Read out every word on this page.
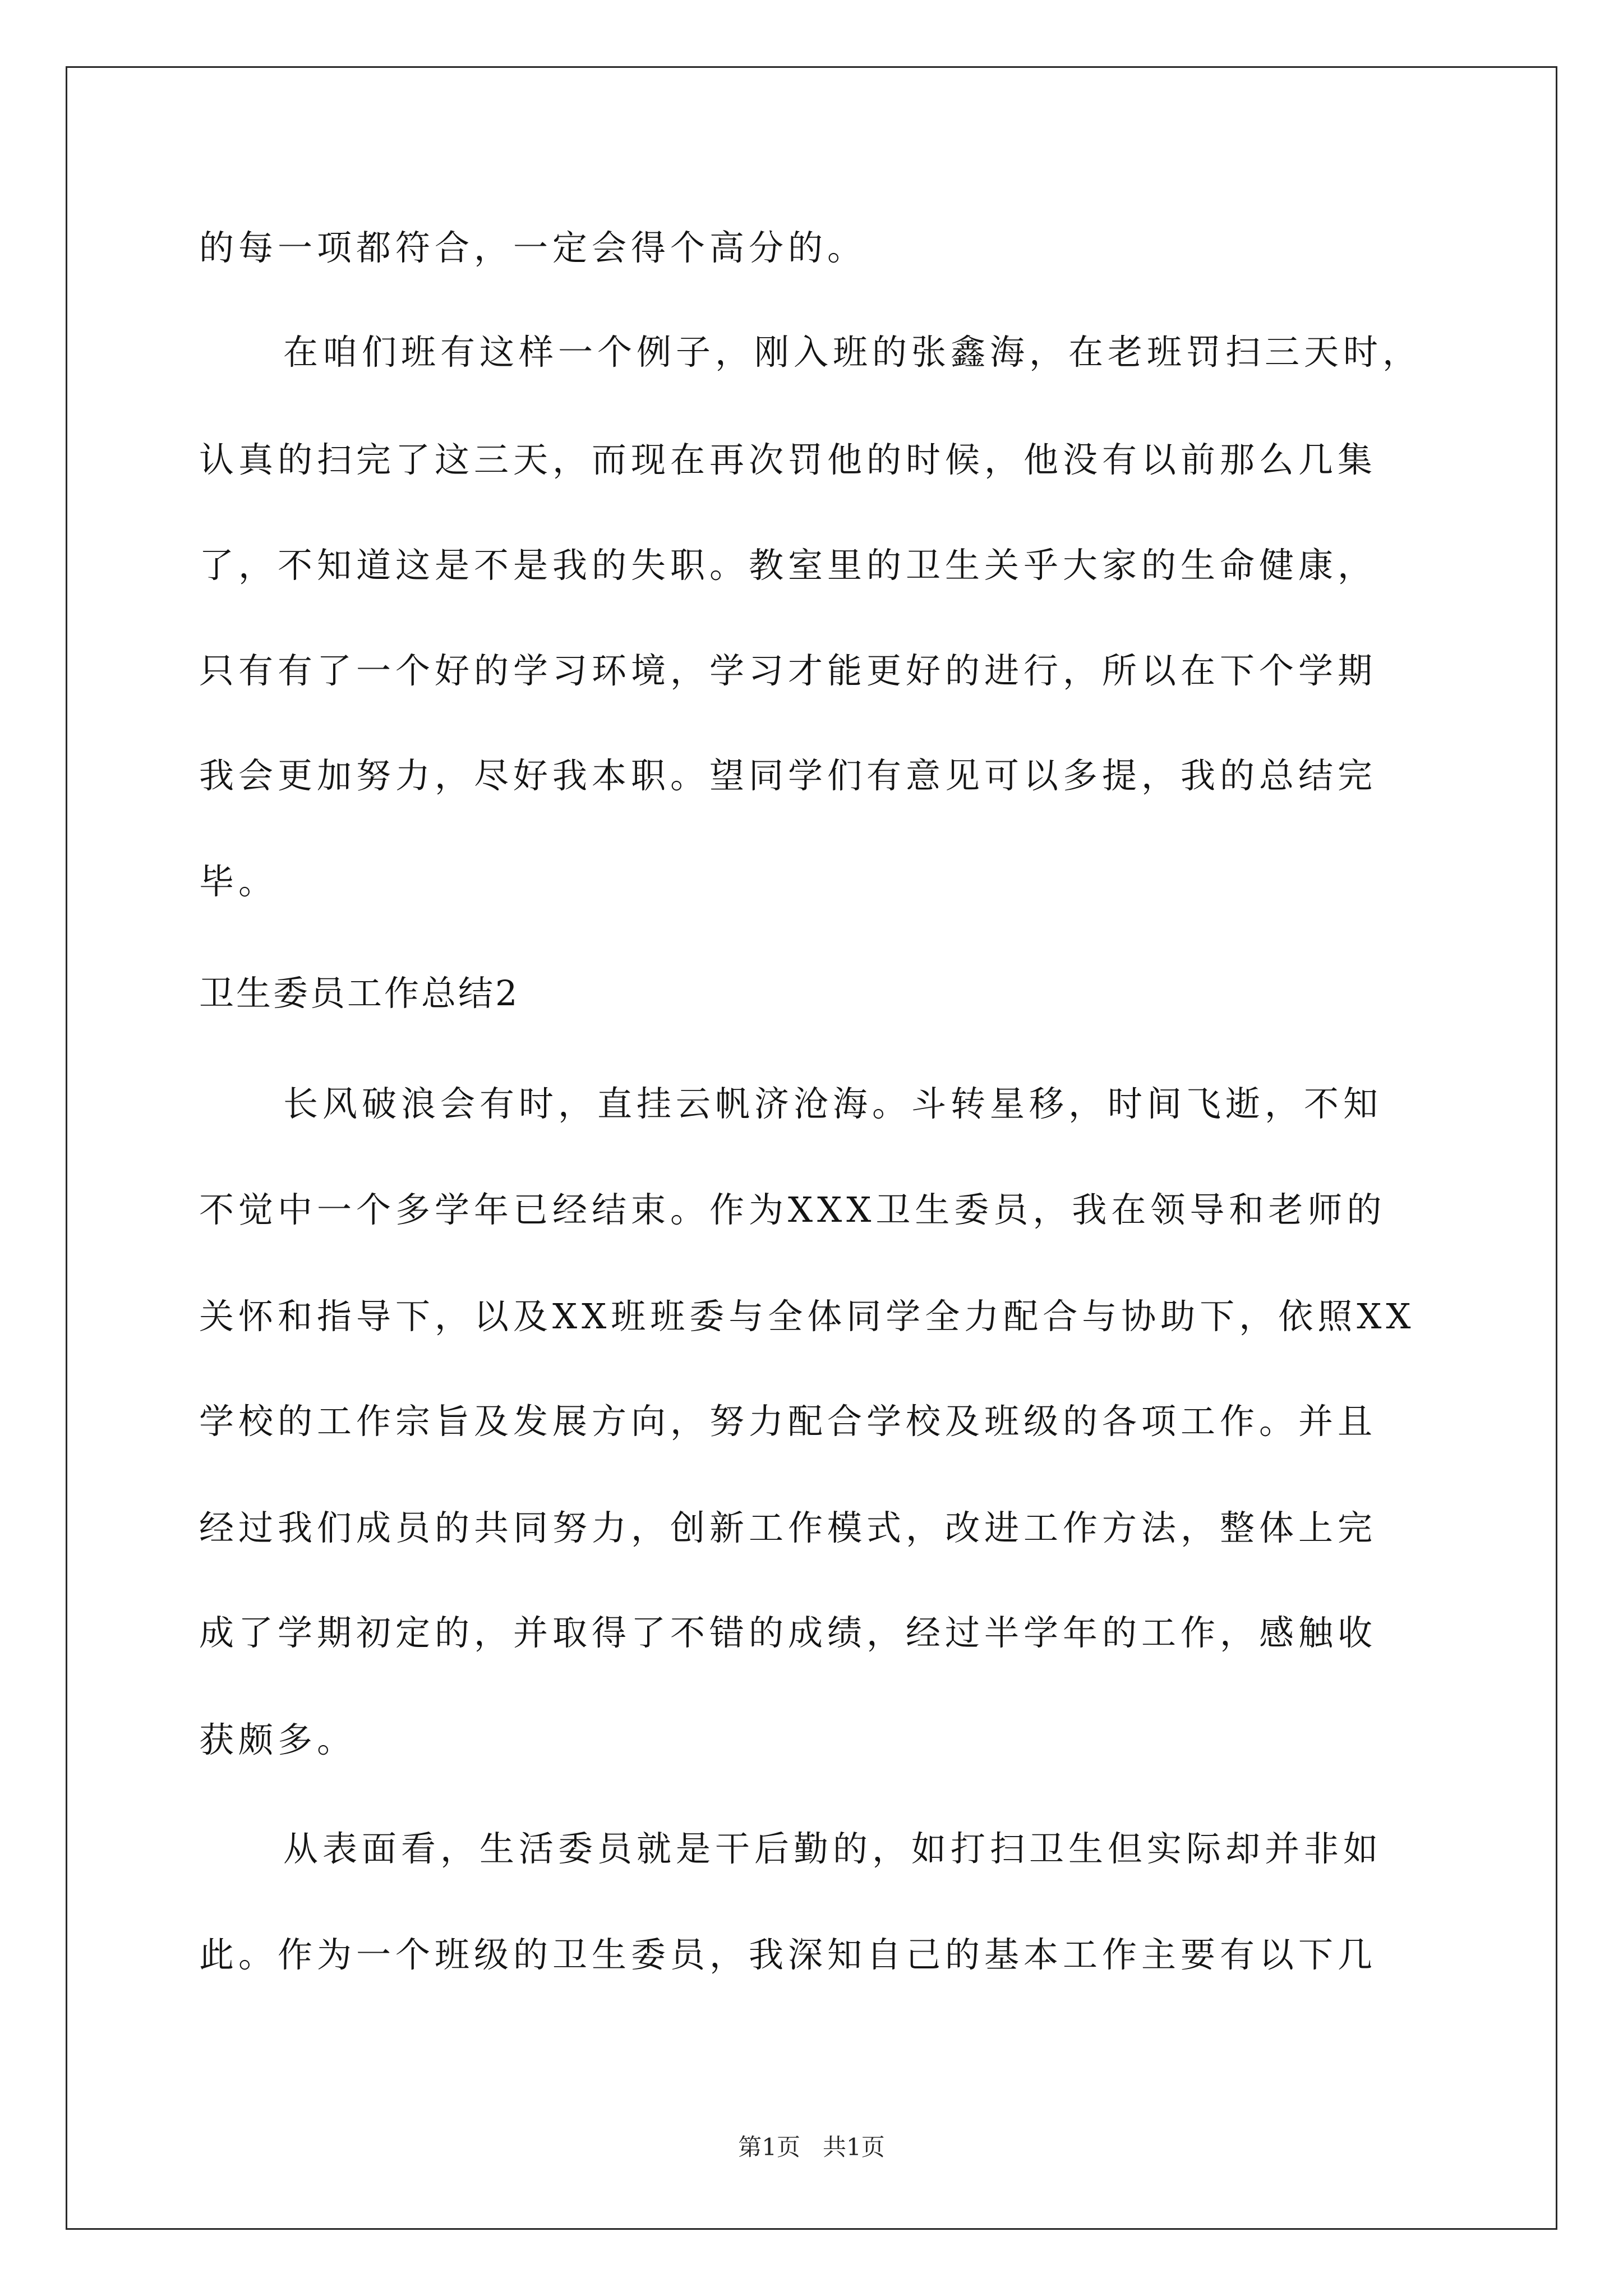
的每一项都符合，一定会得个高分的。
在咱们班有这样一个例子，刚入班的张鑫海，在老班罚扫三天时，
认真的扫完了这三天，而现在再次罚他的时候，他没有以前那么几集
了，不知道这是不是我的失职。教室里的卫生关乎大家的生命健康，
只有有了一个好的学习环境，学习才能更好的进行，所以在下个学期
我会更加努力，尽好我本职。望同学们有意见可以多提，我的总结完
毕。
卫生委员工作总结2
长风破浪会有时，直挂云帆济沧海。斗转星移，时间飞逝，不知
不觉中一个多学年已经结束。作为XXX卫生委员，我在领导和老师的
关怀和指导下，以及XX班班委与全体同学全力配合与协助下，依照XX
学校的工作宗旨及发展方向，努力配合学校及班级的各项工作。并且
经过我们成员的共同努力，创新工作模式，改进工作方法，整体上完
成了学期初定的，并取得了不错的成绩，经过半学年的工作，感触收
获颇多。
从表面看，生活委员就是干后勤的，如打扫卫生但实际却并非如
此。作为一个班级的卫生委员，我深知自己的基本工作主要有以下几
第1页   共1页
